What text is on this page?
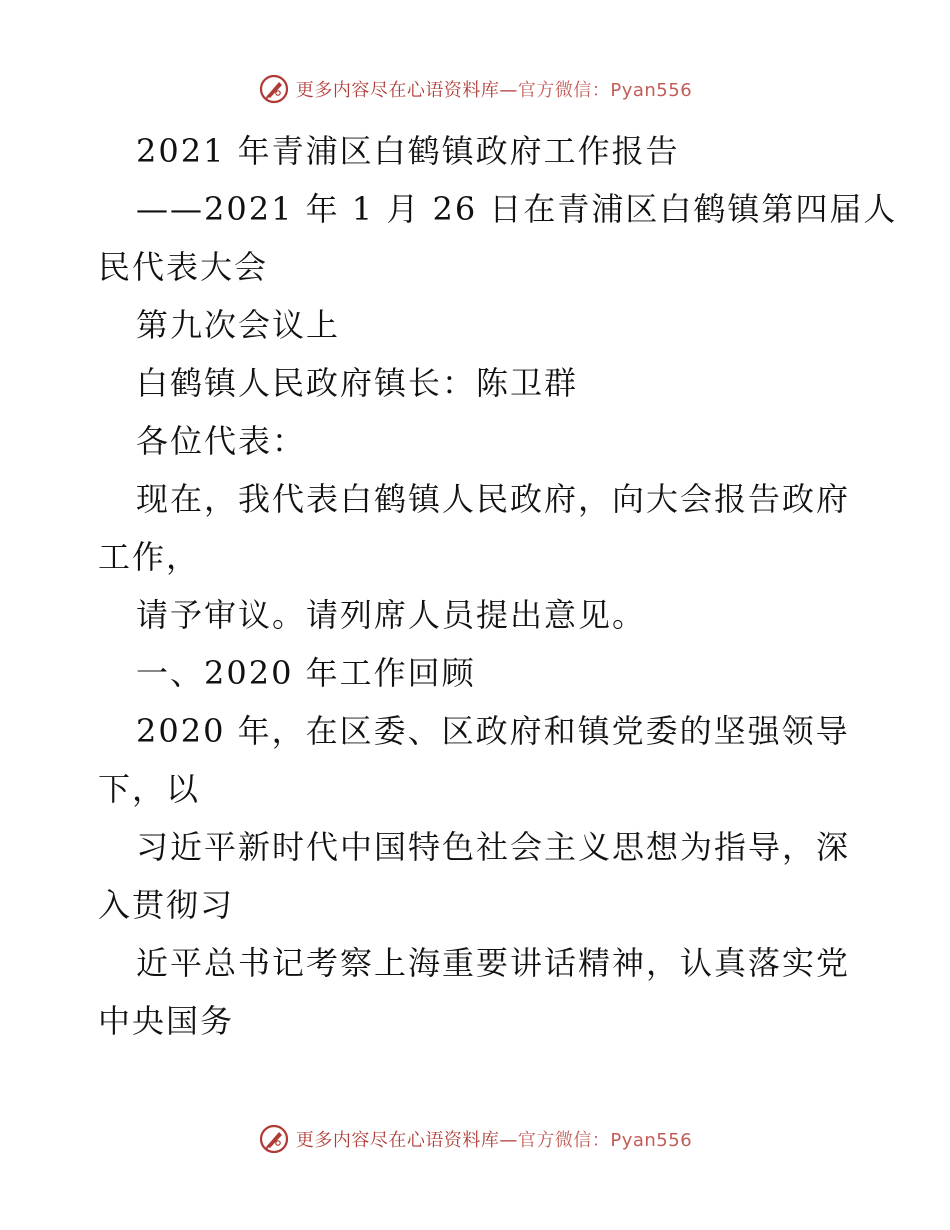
更多内容尽在心语资料库—官方微信：Pyan556
2021 年青浦区白鹤镇政府工作报告
——2021 年 1 月 26 日在青浦区白鹤镇第四届人
民代表大会
第九次会议上
白鹤镇人民政府镇长：陈卫群
各位代表：
现在，我代表白鹤镇人民政府，向大会报告政府
工作，
请予审议。请列席人员提出意见。
一、2020 年工作回顾
2020 年，在区委、区政府和镇党委的坚强领导
下，以
习近平新时代中国特色社会主义思想为指导，深
入贯彻习
近平总书记考察上海重要讲话精神，认真落实党
中央国务
更多内容尽在心语资料库—官方微信：Pyan556
